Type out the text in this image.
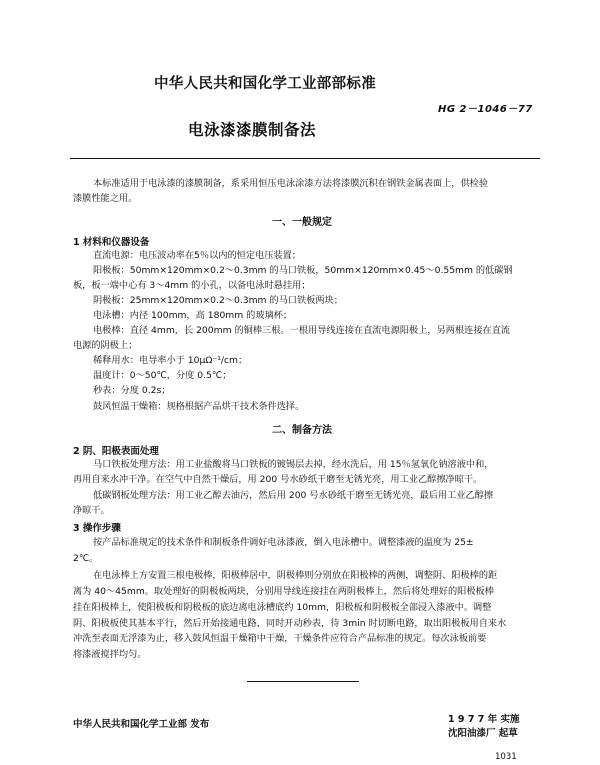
中华人民共和国化学工业部部标准
HG 2－1046－77
电泳漆漆膜制备法
本标准适用于电泳漆的漆膜制备，系采用恒压电泳涂漆方法将漆膜沉积在钢铁金属表面上，供检验
漆膜性能之用。
一、一般规定
1 材料和仪器设备
直流电源：电压波动率在5％以内的恒定电压装置；
阳极板：50mm×120mm×0.2～0.3mm 的马口铁板，50mm×120mm×0.45～0.55mm 的低碳钢
板，板一端中心有 3～4mm 的小孔，以备电泳时悬挂用；
阴极板：25mm×120mm×0.2～0.3mm 的马口铁板两块；
电泳槽：内径 100mm，高 180mm 的玻璃杯；
电极棒：直径 4mm，长 200mm 的铜棒三根。一根用导线连接在直流电源阳极上，另两根连接在直流
电源的阴极上；
稀释用水：电导率小于 10μΩ⁻¹/cm；
温度计：0～50℃，分度 0.5℃；
秒表：分度 0.2s；
鼓风恒温干燥箱：规格根据产品烘干技术条件选择。
二、制备方法
2 阴、阳极表面处理
马口铁板处理方法：用工业盐酸将马口铁板的镀锡层去掉，经水洗后，用 15％氢氧化钠溶液中和，
再用自来水冲干净。在空气中自然干燥后，用 200 号水砂纸干磨至无锈光亮，用工业乙醇擦净晾干。
低碳钢板处理方法：用工业乙醇去油污，然后用 200 号水砂纸干磨至无锈光亮，最后用工业乙醇擦
净晾干。
3 操作步骤
按产品标准规定的技术条件和制板条件调好电泳漆液，倒入电泳槽中。调整漆液的温度为 25±
2℃。
在电泳棒上方安置三根电极棒，阳极棒居中，阴极棒则分别放在阳极棒的两侧，调整阴、阳极棒的距
离为 40～45mm。取处理好的阴极板两块，分别用导线连接挂在两阴极棒上，然后将处理好的阳极板棒
挂在阳极棒上，使阳极板和阴极板的底边离电泳槽底约 10mm，阳极板和阴极板全部浸入漆液中。调整
阴、阳极板使其基本平行，然后开始接通电路，同时开动秒表，待 3min 时切断电路，取出阳极板用自来水
冲洗至表面无浮漆为止，移入鼓风恒温干燥箱中干燥，干燥条件应符合产品标准的规定。每次泳板前要
将漆液搅拌均匀。
中华人民共和国化学工业部 发布	1 9 7 7 年 实施
沈阳油漆厂 起草
1031
